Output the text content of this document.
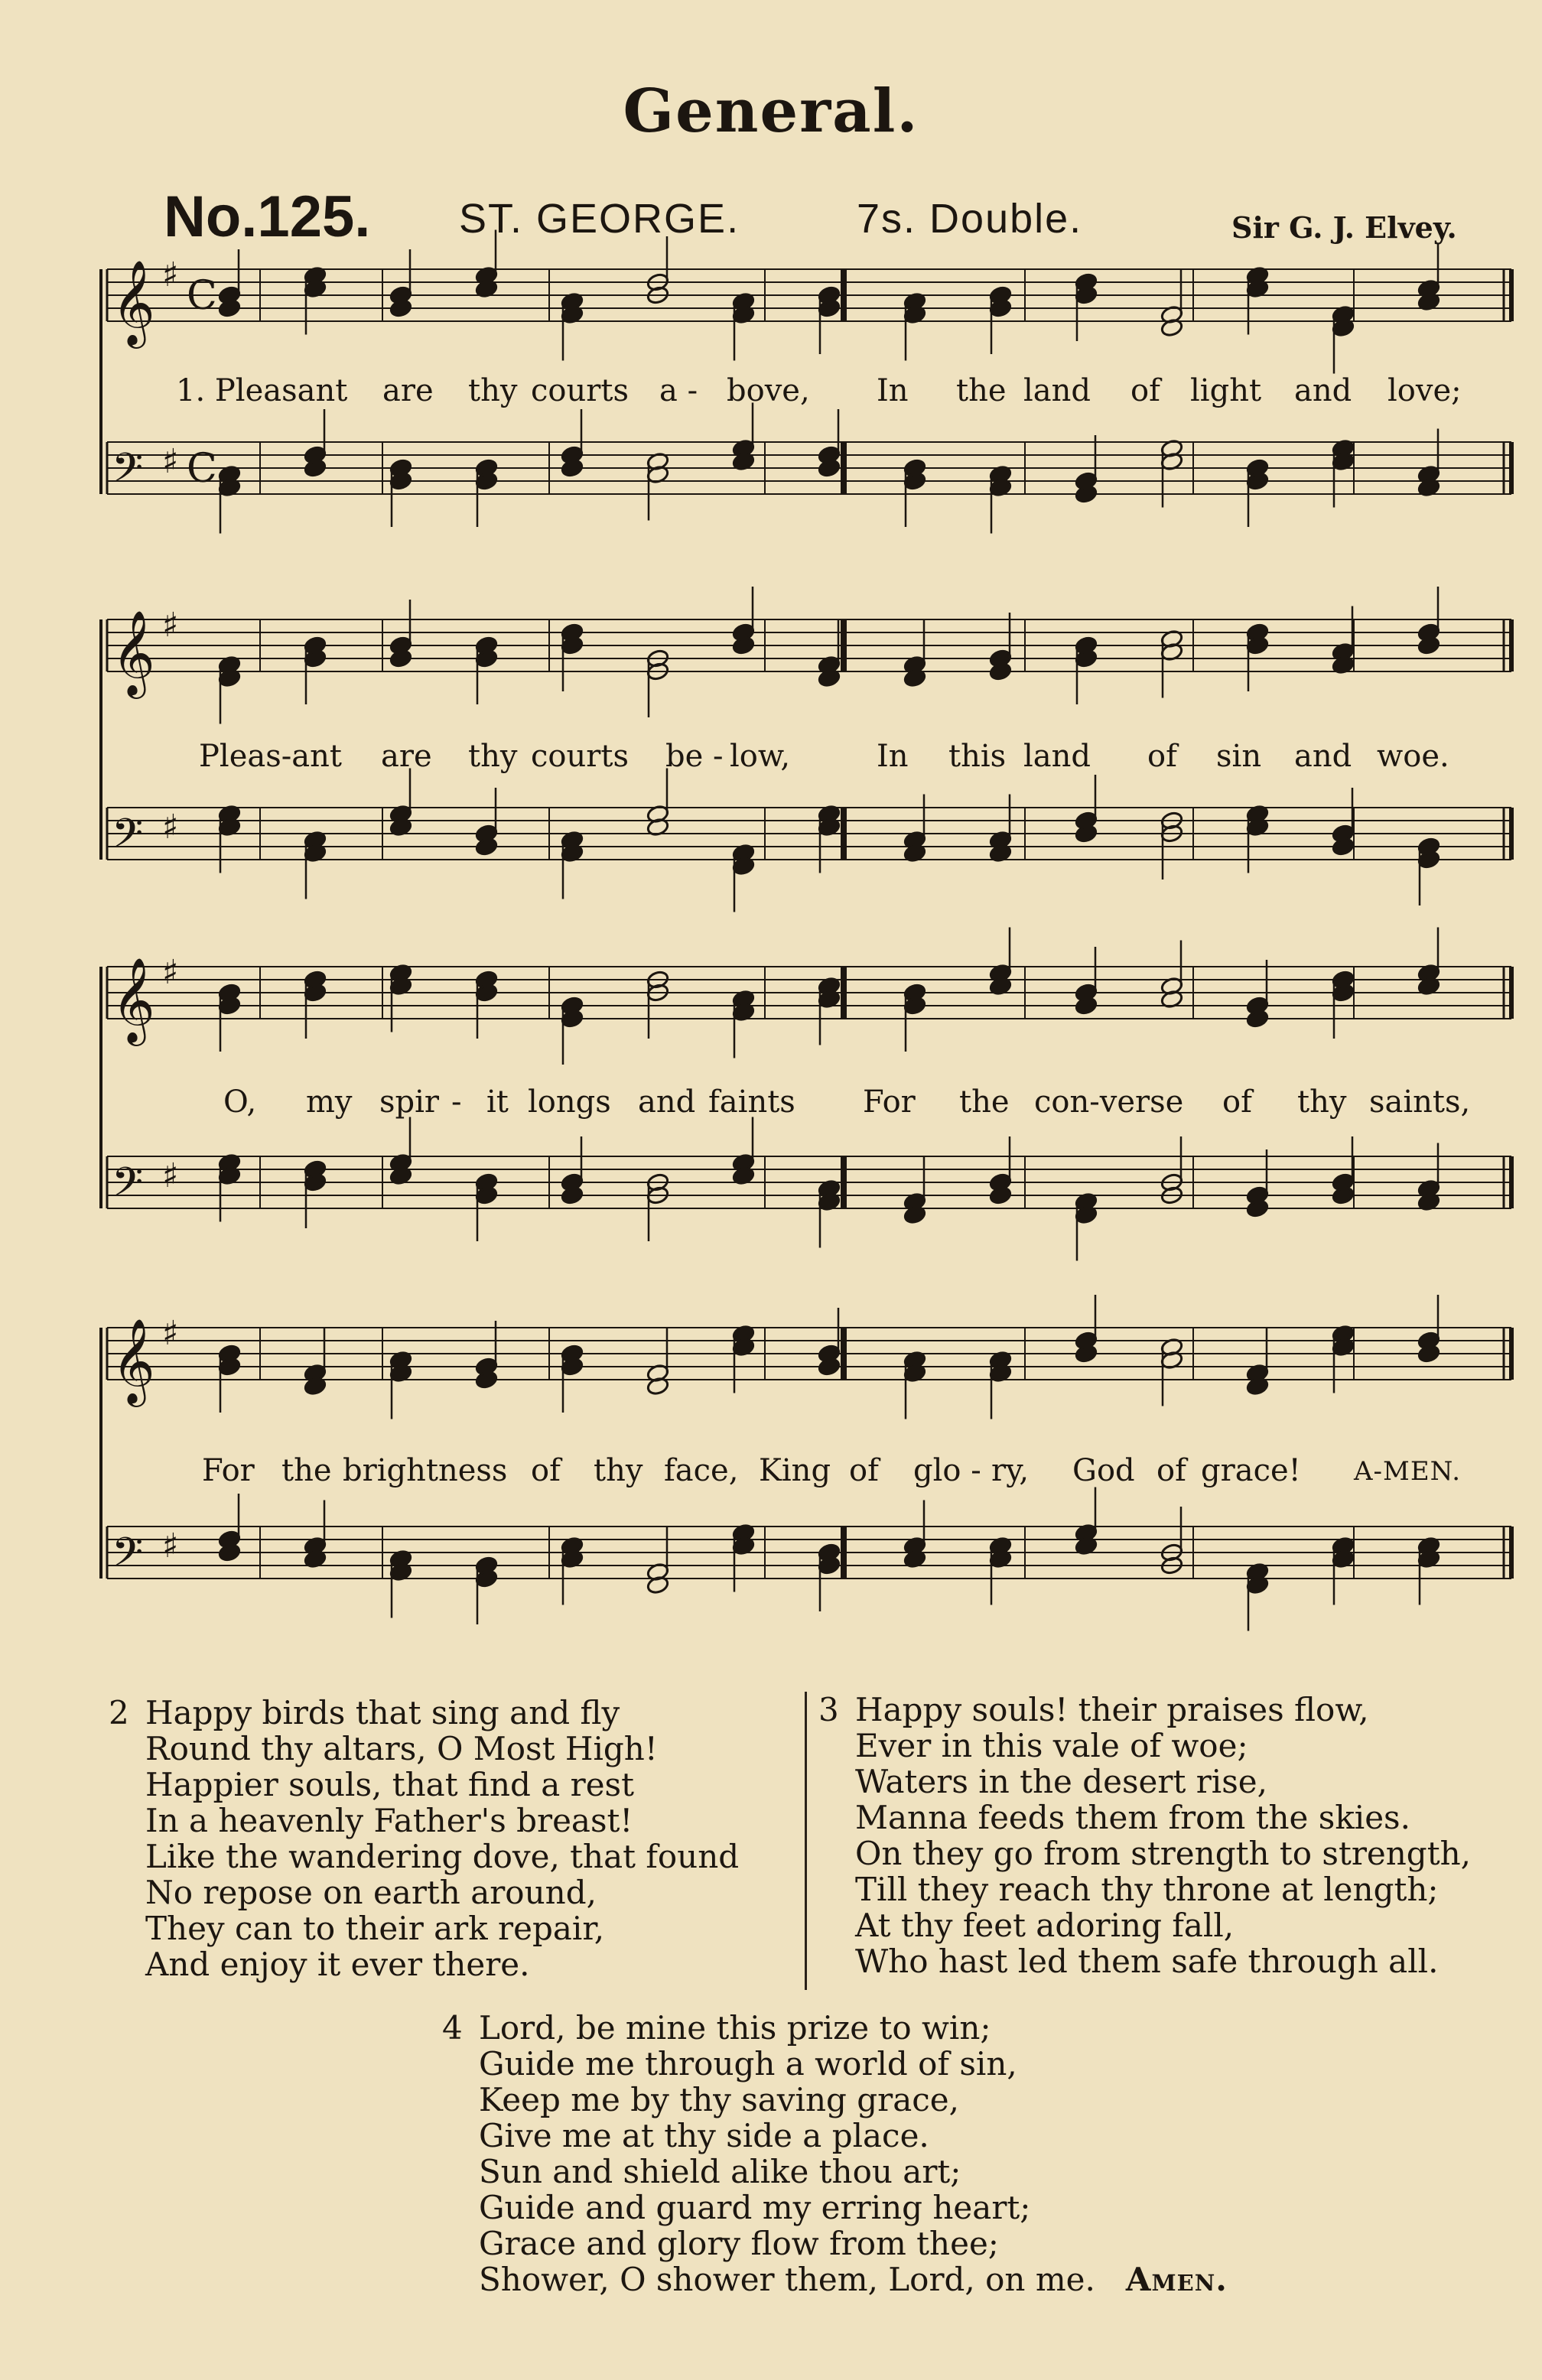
General.
No.125. ST. GEORGE.	7s. Double.	Sir G. J. Elvey.
𝄞 ♯ C
𝄢 ♯ C
𝄞 ♯
𝄢 ♯
𝄞 ♯
𝄢 ♯
𝄞 ♯
𝄢 ♯
1. Pleasant are thy courts a - bove, In the land of light and love;
Pleas-ant are thy courts be - low,	In this land of sin and woe.
O, my spir - it longs and faints For the con-verse of thy saints,
For the brightness of thy face, King of glo - ry, God of grace! A-MEN.
2 Happy birds that sing and fly
Round thy altars, O Most High!
Happier souls, that find a rest
In a heavenly Father's breast!
Like the wandering dove, that found
No repose on earth around,
They can to their ark repair,
And enjoy it ever there.
3 Happy souls! their praises flow,
Ever in this vale of woe;
Waters in the desert rise,
Manna feeds them from the skies.
On they go from strength to strength,
Till they reach thy throne at length;
At thy feet adoring fall,
Who hast led them safe through all.
4 Lord, be mine this prize to win;
Guide me through a world of sin,
Keep me by thy saving grace,
Give me at thy side a place.
Sun and shield alike thou art;
Guide and guard my erring heart;
Grace and glory flow from thee;
Shower, O shower them, Lord, on me. Amen.
